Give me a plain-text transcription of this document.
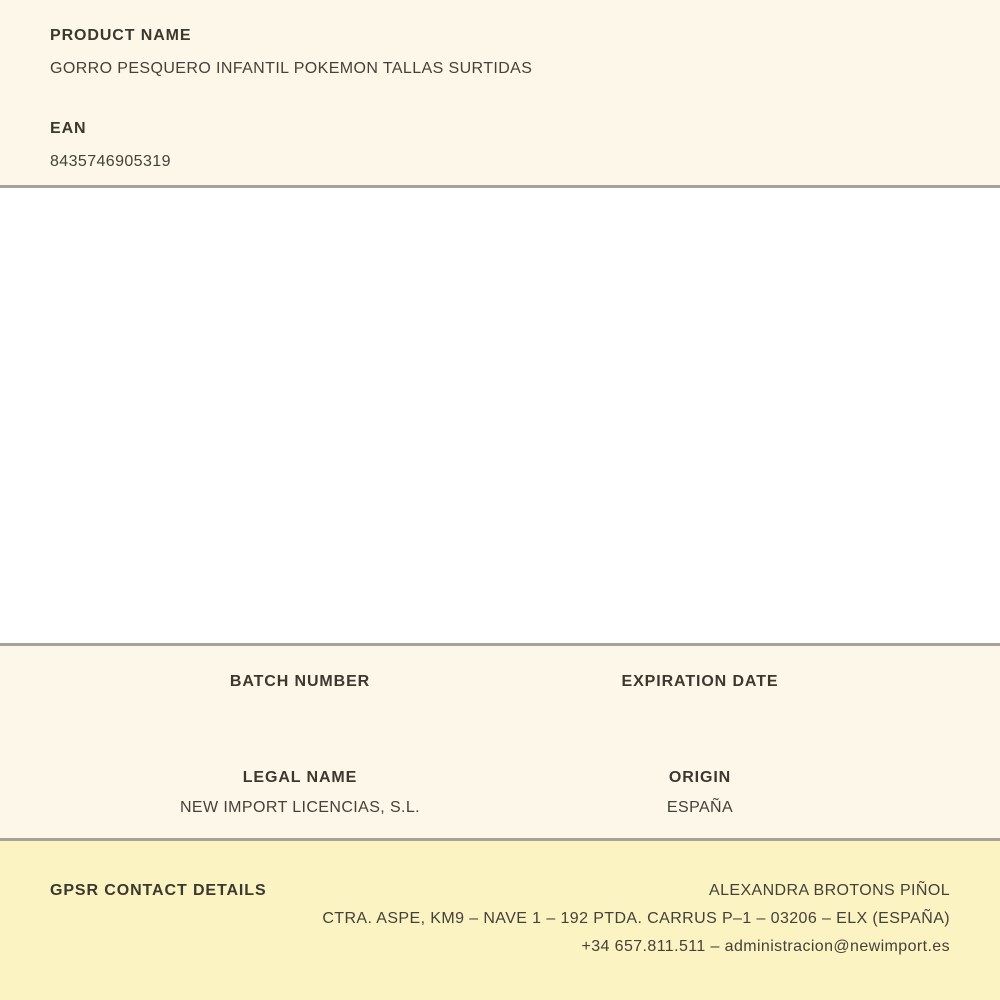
PRODUCT NAME
GORRO PESQUERO INFANTIL POKEMON TALLAS SURTIDAS
EAN
8435746905319
BATCH NUMBER	EXPIRATION DATE
LEGAL NAME
NEW IMPORT LICENCIAS, S.L.
ORIGIN
ESPAÑA
GPSR CONTACT DETAILS	ALEXANDRA BROTONS PIÑOL
CTRA. ASPE, KM9 – NAVE 1 – 192 PTDA. CARRUS P–1 – 03206 – ELX (ESPAÑA)
+34 657.811.511 – administracion@newimport.es
